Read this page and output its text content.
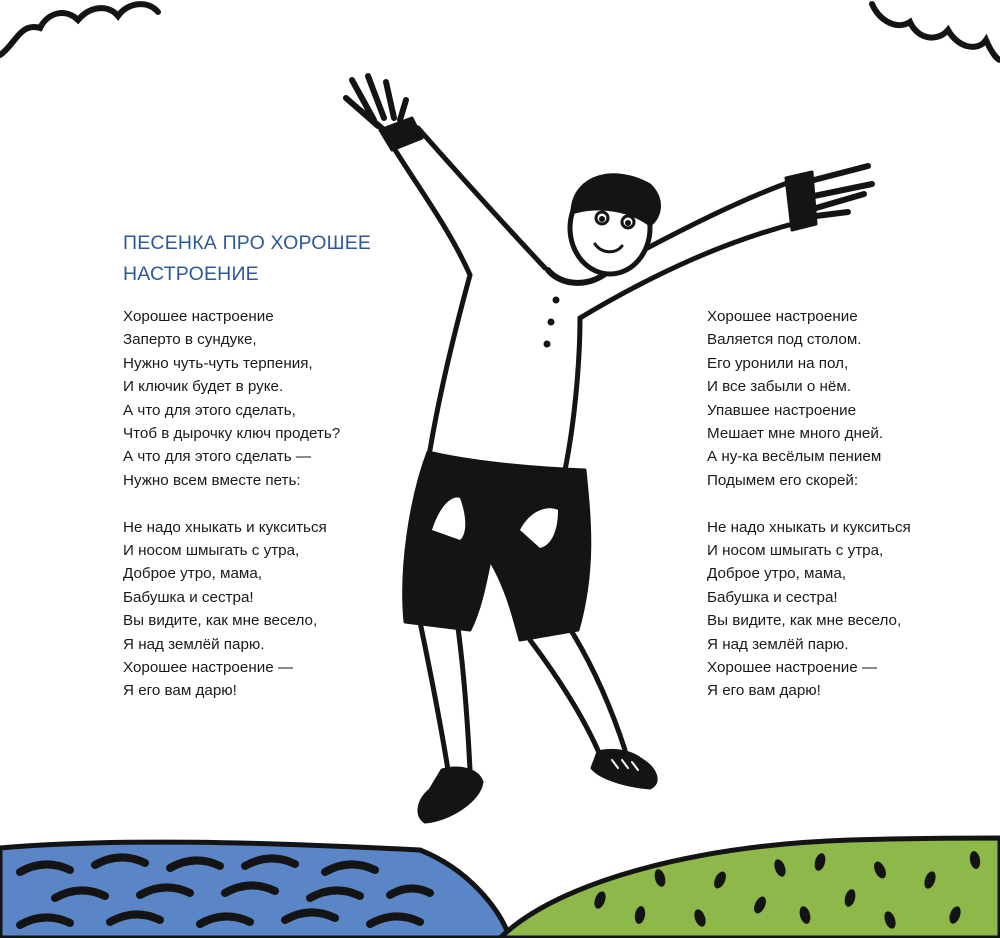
ПЕСЕНКА ПРО ХОРОШЕЕ
НАСТРОЕНИЕ
Хорошее настроение
Заперто в сундуке,
Нужно чуть-чуть терпения,
И ключик будет в руке.
А что для этого сделать,
Чтоб в дырочку ключ продеть?
А что для этого сделать —
Нужно всем вместе петь:
Не надо хныкать и кукситься
И носом шмыгать с утра,
Доброе утро, мама,
Бабушка и сестра!
Вы видите, как мне весело,
Я над землёй парю.
Хорошее настроение —
Я его вам дарю!
Хорошее настроение
Валяется под столом.
Его уронили на пол,
И все забыли о нём.
Упавшее настроение
Мешает мне много дней.
А ну-ка весёлым пением
Подымем его скорей:
Не надо хныкать и кукситься
И носом шмыгать с утра,
Доброе утро, мама,
Бабушка и сестра!
Вы видите, как мне весело,
Я над землёй парю.
Хорошее настроение —
Я его вам дарю!
